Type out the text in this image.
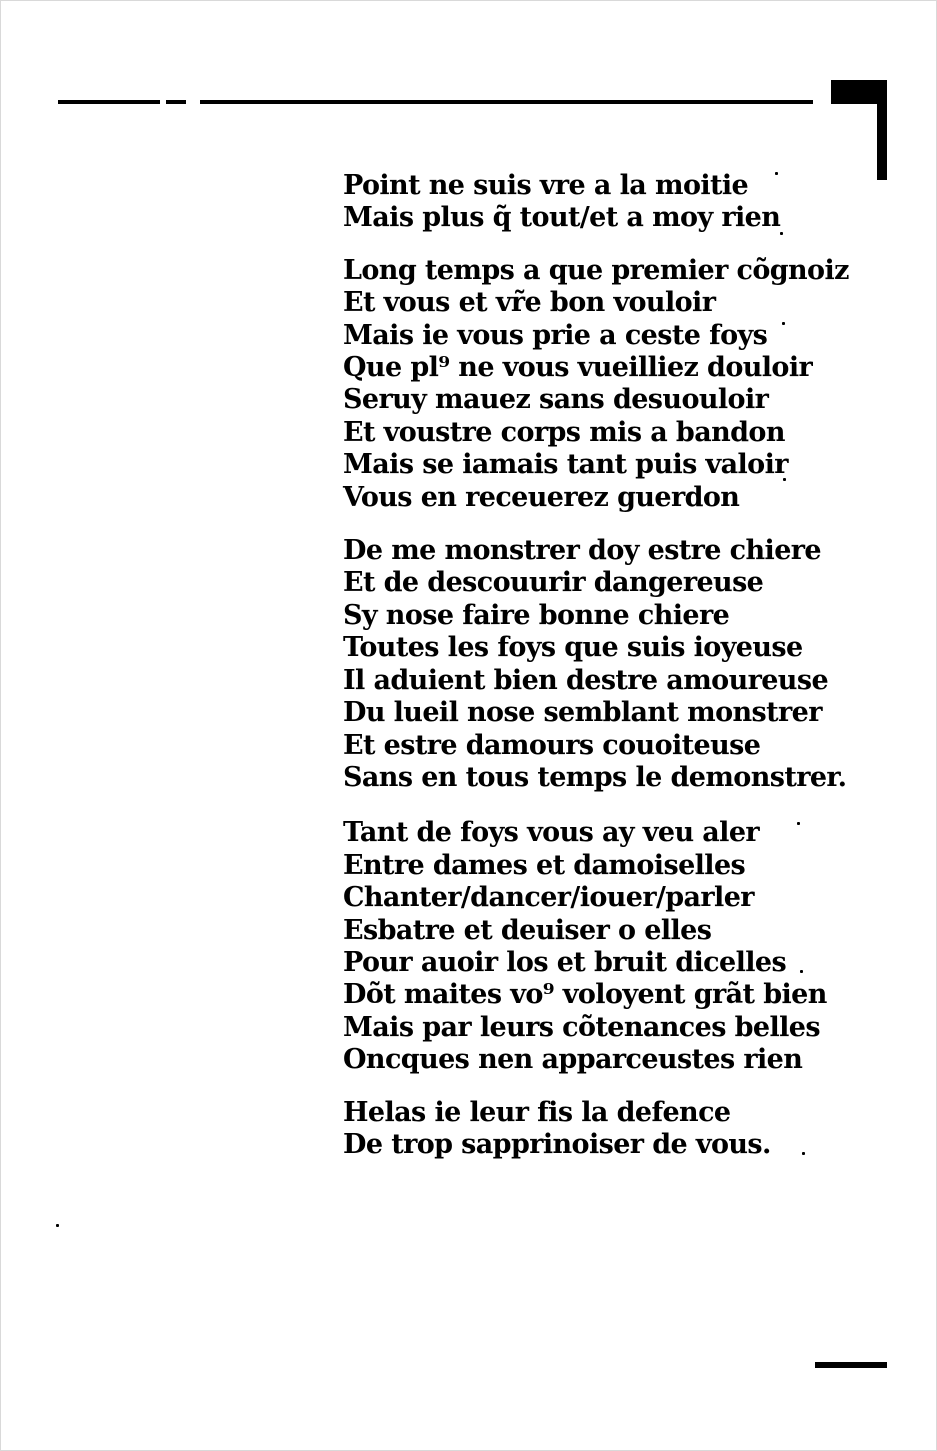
Point ne suis vre a la moitie
Mais plus q̃ tout/et a moy rien
Long temps a que premier cõgnoiz
Et vous et vr̃e bon vouloir
Mais ie vous prie a ceste foys
Que pl⁹ ne vous vueilliez douloir
Seruy mauez sans desuouloir
Et voustre corps mis a bandon
Mais se iamais tant puis valoir
Vous en receuerez guerdon
De me monstrer doy estre chiere
Et de descouurir dangereuse
Sy nose faire bonne chiere
Toutes les foys que suis ioyeuse
Il aduient bien destre amoureuse
Du lueil nose semblant monstrer
Et estre damours couoiteuse
Sans en tous temps le demonstrer.
Tant de foys vous ay veu aler
Entre dames et damoiselles
Chanter/dancer/iouer/parler
Esbatre et deuiser o elles
Pour auoir los et bruit dicelles
Dõt maites vo⁹ voloyent grãt bien
Mais par leurs cõtenances belles
Oncques nen apparceustes rien
Helas ie leur fis la defence
De trop sapprinoiser de vous.
